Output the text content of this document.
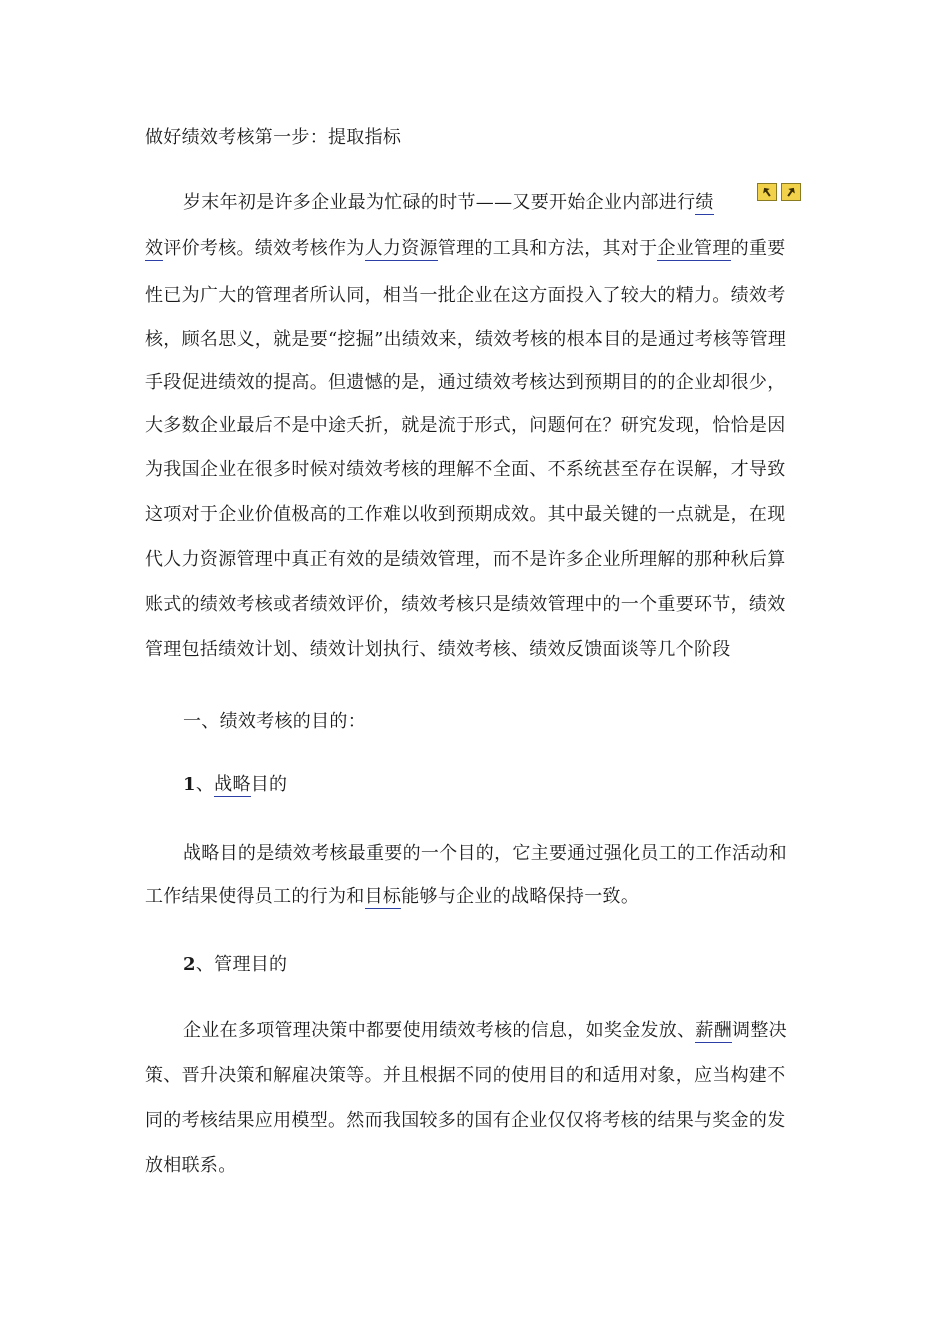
做好绩效考核第一步：提取指标
岁末年初是许多企业最为忙碌的时节——又要开始企业内部进行绩
效评价考核。绩效考核作为人力资源管理的工具和方法，其对于企业管理的重要
性已为广大的管理者所认同，相当一批企业在这方面投入了较大的精力。绩效考
核，顾名思义，就是要“挖掘”出绩效来，绩效考核的根本目的是通过考核等管理
手段促进绩效的提高。但遗憾的是，通过绩效考核达到预期目的的企业却很少，
大多数企业最后不是中途夭折，就是流于形式，问题何在？研究发现，恰恰是因
为我国企业在很多时候对绩效考核的理解不全面、不系统甚至存在误解，才导致
这项对于企业价值极高的工作难以收到预期成效。其中最关键的一点就是，在现
代人力资源管理中真正有效的是绩效管理，而不是许多企业所理解的那种秋后算
账式的绩效考核或者绩效评价，绩效考核只是绩效管理中的一个重要环节，绩效
管理包括绩效计划、绩效计划执行、绩效考核、绩效反馈面谈等几个阶段
一、绩效考核的目的：
1、战略目的
战略目的是绩效考核最重要的一个目的，它主要通过强化员工的工作活动和
工作结果使得员工的行为和目标能够与企业的战略保持一致。
2、管理目的
企业在多项管理决策中都要使用绩效考核的信息，如奖金发放、薪酬调整决
策、晋升决策和解雇决策等。并且根据不同的使用目的和适用对象，应当构建不
同的考核结果应用模型。然而我国较多的国有企业仅仅将考核的结果与奖金的发
放相联系。
